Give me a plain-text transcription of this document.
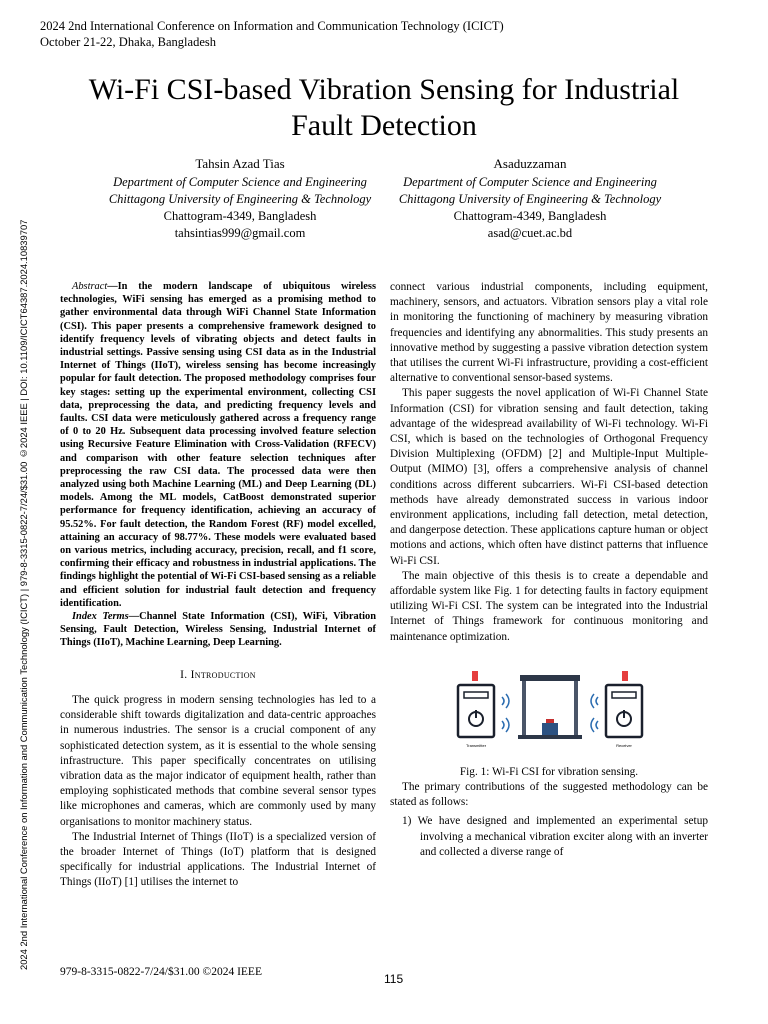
2024 2nd International Conference on Information and Communication Technology (ICICT)
October 21-22, Dhaka, Bangladesh
Wi-Fi CSI-based Vibration Sensing for Industrial
Fault Detection
Tahsin Azad Tias
Department of Computer Science and Engineering
Chittagong University of Engineering & Technology
Chattogram-4349, Bangladesh
tahsintias999@gmail.com
Asaduzzaman
Department of Computer Science and Engineering
Chittagong University of Engineering & Technology
Chattogram-4349, Bangladesh
asad@cuet.ac.bd
2024 2nd International Conference on Information and Communication Technology (ICICT) | 979-8-3315-0822-7/24/$31.00 ©2024 IEEE | DOI: 10.1109/ICICT64387.2024.10839707	Abstract—In the modern landscape of ubiquitous wireless technologies, WiFi sensing has emerged as a promising method to gather environmental data through WiFi Channel State Information (CSI). This paper presents a comprehensive framework designed to identify frequency levels of vibrating objects and detect faults in industrial settings. Passive sensing using CSI data as in the Industrial Internet of Things (IIoT), wireless sensing has become increasingly popular for fault detection. The proposed methodology comprises four key stages: setting up the experimental environment, collecting CSI data, preprocessing the data, and predicting frequency levels and faults. CSI data were meticulously gathered across a frequency range of 0 to 20 Hz. Subsequent data processing involved feature selection using Recursive Feature Elimination with Cross-Validation (RFECV) and comparison with other feature selection techniques after preprocessing the raw CSI data. The processed data were then analyzed using both Machine Learning (ML) and Deep Learning (DL) models. Among the ML models, CatBoost demonstrated superior performance for frequency identification, achieving an accuracy of 95.52%. For fault detection, the Random Forest (RF) model excelled, attaining an accuracy of 98.77%. These models were evaluated based on various metrics, including accuracy, precision, recall, and f1 score, confirming their efficacy and robustness in industrial applications. The findings highlight the potential of Wi-Fi CSI-based sensing as a reliable and efficient solution for industrial fault detection and frequency identification.

Index Terms—Channel State Information (CSI), WiFi, Vibration Sensing, Fault Detection, Wireless Sensing, Industrial Internet of Things (IIoT), Machine Learning, Deep Learning.

I. Introduction

The quick progress in modern sensing technologies has led to a considerable shift towards digitalization and data-centric approaches in numerous industries. The sensor is a crucial component of any sophisticated detection system, as it is essential to the whole sensing infrastructure. This paper specifically concentrates on utilising vibration data as the major indicator of equipment health, rather than employing sophisticated methods that combine several sensor types like microphones and cameras, which are commonly used by many organisations to monitor machinery status.

The Industrial Internet of Things (IIoT) is a specialized version of the broader Internet of Things (IoT) platform that is designed specifically for industrial applications. The Industrial Internet of Things (IIoT) [1] utilises the internet to

connect various industrial components, including equipment, machinery, sensors, and actuators. Vibration sensors play a vital role in monitoring the functioning of machinery by measuring vibration frequencies and identifying any abnormalities. This study presents an innovative method by suggesting a passive vibration detection system that utilises the current Wi-Fi infrastructure, providing a cost-efficient alternative to conventional sensor-based systems.

This paper suggests the novel application of Wi-Fi Channel State Information (CSI) for vibration sensing and fault detection, taking advantage of the widespread availability of Wi-Fi technology. Wi-Fi CSI, which is based on the technologies of Orthogonal Frequency Division Multiplexing (OFDM) [2] and Multiple-Input Multiple-Output (MIMO) [3], offers a comprehensive analysis of channel conditions across different subcarriers. Wi-Fi CSI-based detection methods have already demonstrated success in various indoor environment applications, including fall detection, metal detection, and dangerpose detection. These applications capture human or object motions and actions, which often have distinct patterns that influence Wi-Fi CSI.

The main objective of this thesis is to create a dependable and affordable system like Fig. 1 for detecting faults in factory equipment utilizing Wi-Fi CSI. The system can be integrated into the Industrial Internet of Things framework for continuous monitoring and maintenance optimization.

Transmitter	Receiver

Fig. 1: Wi-Fi CSI for vibration sensing.

The primary contributions of the suggested methodology can be stated as follows:

1) We have designed and implemented an experimental setup involving a mechanical vibration exciter along with an inverter and collected a diverse range of

979-8-3315-0822-7/24/$31.00 ©2024 IEEE	115
